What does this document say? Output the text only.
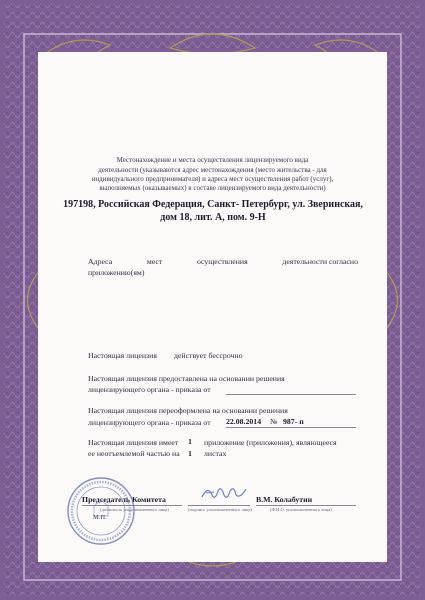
Местонахождение и места осуществления лицензируемого вида
деятельности (указываются адрес местонахождения (место жительства - для
индивидуального предпринимателя) и адреса мест осуществления работ (услуг),
выполняемых (оказываемых) в составе лицензируемого вида деятельности)
197198, Российская Федерация, Санкт- Петербург, ул. Зверинская,
дом 18, лит. А, пом. 9-Н
Адреса	мест	осуществления	деятельности согласно
приложению(ям)
Настоящая лицензия действует бессрочно
Настоящая лицензия предоставлена на основании решения
лицензирующего органа - приказа от
Настоящая лицензия переоформлена на основании решения
лицензирующего органа - приказа от 22.08.2014 № 987- п
Настоящая лицензия имеет 1 приложение (приложения), являющееся
ее неотъемлемой частью на 1 листах
Председатель Комитета
(должность уполномоченного лица)	(подпись уполномоченного лица)
В.М. Колабутин
(Ф.И.О. уполномоченного лица)
М.П.
